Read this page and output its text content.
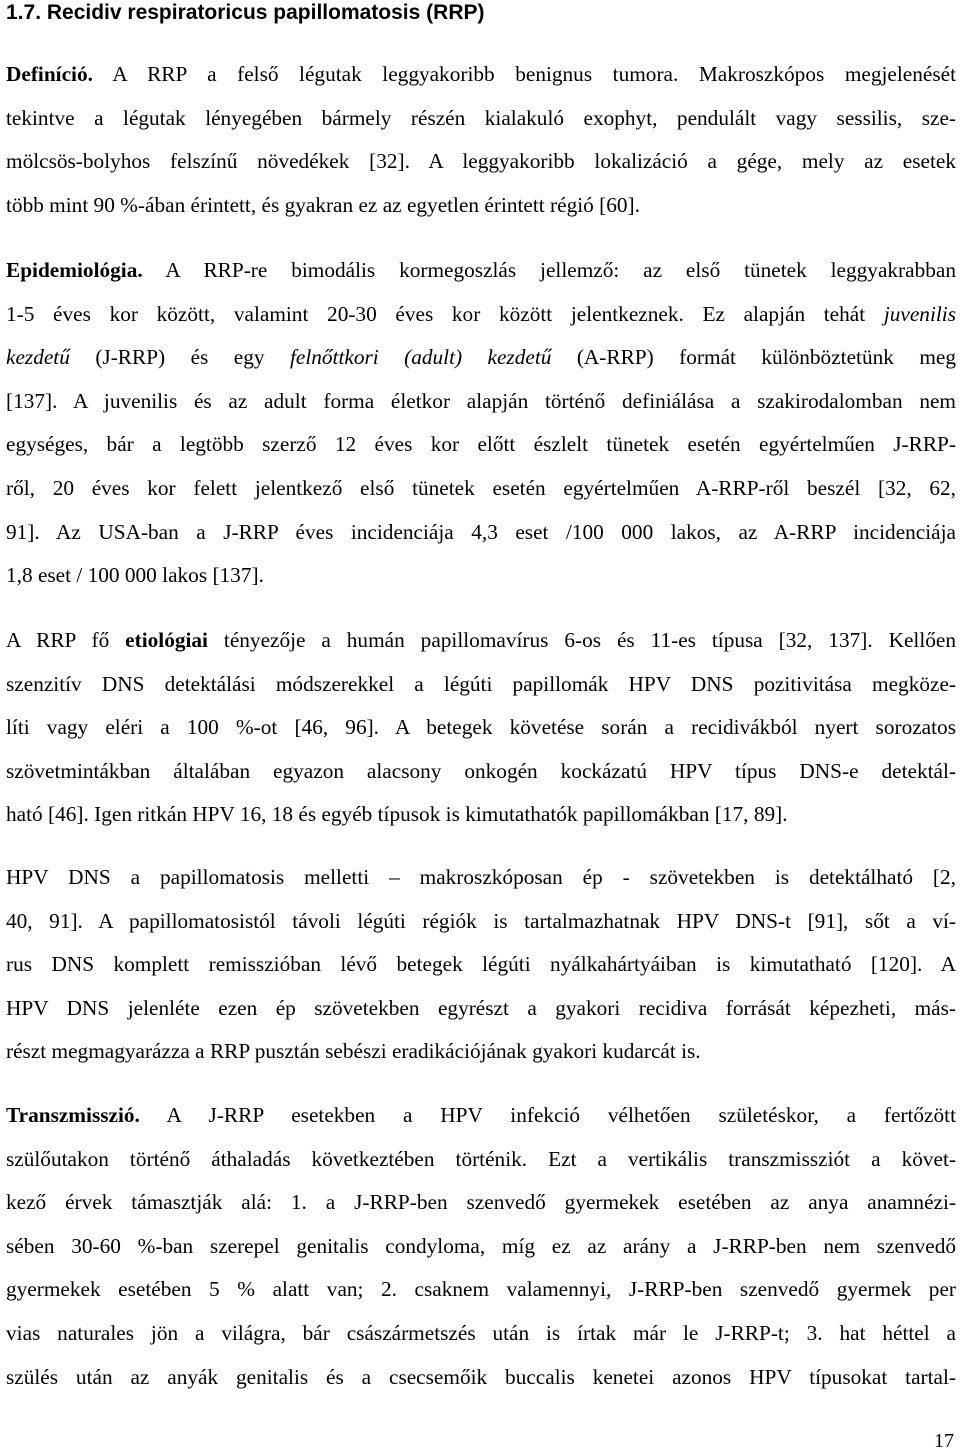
1.7. Recidiv respiratoricus papillomatosis (RRP)
Definíció. A RRP a felső légutak leggyakoribb benignus tumora. Makroszkópos megjelenését
tekintve a légutak lényegében bármely részén kialakuló exophyt, pendulált vagy sessilis, sze-
mölcsös-bolyhos felszínű növedékek [32]. A leggyakoribb lokalizáció a gége, mely az esetek
több mint 90 %-ában érintett, és gyakran ez az egyetlen érintett régió [60].
Epidemiológia. A RRP-re bimodális kormegoszlás jellemző: az első tünetek leggyakrabban
1-5 éves kor között, valamint 20-30 éves kor között jelentkeznek. Ez alapján tehát juvenilis
kezdetű (J-RRP) és egy felnőttkori (adult) kezdetű (A-RRP) formát különböztetünk meg
[137]. A juvenilis és az adult forma életkor alapján történő definiálása a szakirodalomban nem
egységes, bár a legtöbb szerző 12 éves kor előtt észlelt tünetek esetén egyértelműen J-RRP-
ről, 20 éves kor felett jelentkező első tünetek esetén egyértelműen A-RRP-ről beszél [32, 62,
91]. Az USA-ban a J-RRP éves incidenciája 4,3 eset /100 000 lakos, az A-RRP incidenciája
1,8 eset / 100 000 lakos [137].
A RRP fő etiológiai tényezője a humán papillomavírus 6-os és 11-es típusa [32, 137]. Kellően
szenzitív DNS detektálási módszerekkel a légúti papillomák HPV DNS pozitivitása megköze-
líti vagy eléri a 100 %-ot [46, 96]. A betegek követése során a recidivákból nyert sorozatos
szövetmintákban általában egyazon alacsony onkogén kockázatú HPV típus DNS-e detektál-
ható [46]. Igen ritkán HPV 16, 18 és egyéb típusok is kimutathatók papillomákban [17, 89].
HPV DNS a papillomatosis melletti – makroszkóposan ép - szövetekben is detektálható [2,
40, 91]. A papillomatosistól távoli légúti régiók is tartalmazhatnak HPV DNS-t [91], sőt a ví-
rus DNS komplett remisszióban lévő betegek légúti nyálkahártyáiban is kimutatható [120]. A
HPV DNS jelenléte ezen ép szövetekben egyrészt a gyakori recidiva forrását képezheti, más-
részt megmagyarázza a RRP pusztán sebészi eradikációjának gyakori kudarcát is.
Transzmisszió. A J-RRP esetekben a HPV infekció vélhetően születéskor, a fertőzött
szülőutakon történő áthaladás következtében történik. Ezt a vertikális transzmissziót a követ-
kező érvek támasztják alá: 1. a J-RRP-ben szenvedő gyermekek esetében az anya anamnézi-
sében 30-60 %-ban szerepel genitalis condyloma, míg ez az arány a J-RRP-ben nem szenvedő
gyermekek esetében 5 % alatt van; 2. csaknem valamennyi, J-RRP-ben szenvedő gyermek per
vias naturales jön a világra, bár császármetszés után is írtak már le J-RRP-t; 3. hat héttel a
szülés után az anyák genitalis és a csecsemőik buccalis kenetei azonos HPV típusokat tartal-
17
